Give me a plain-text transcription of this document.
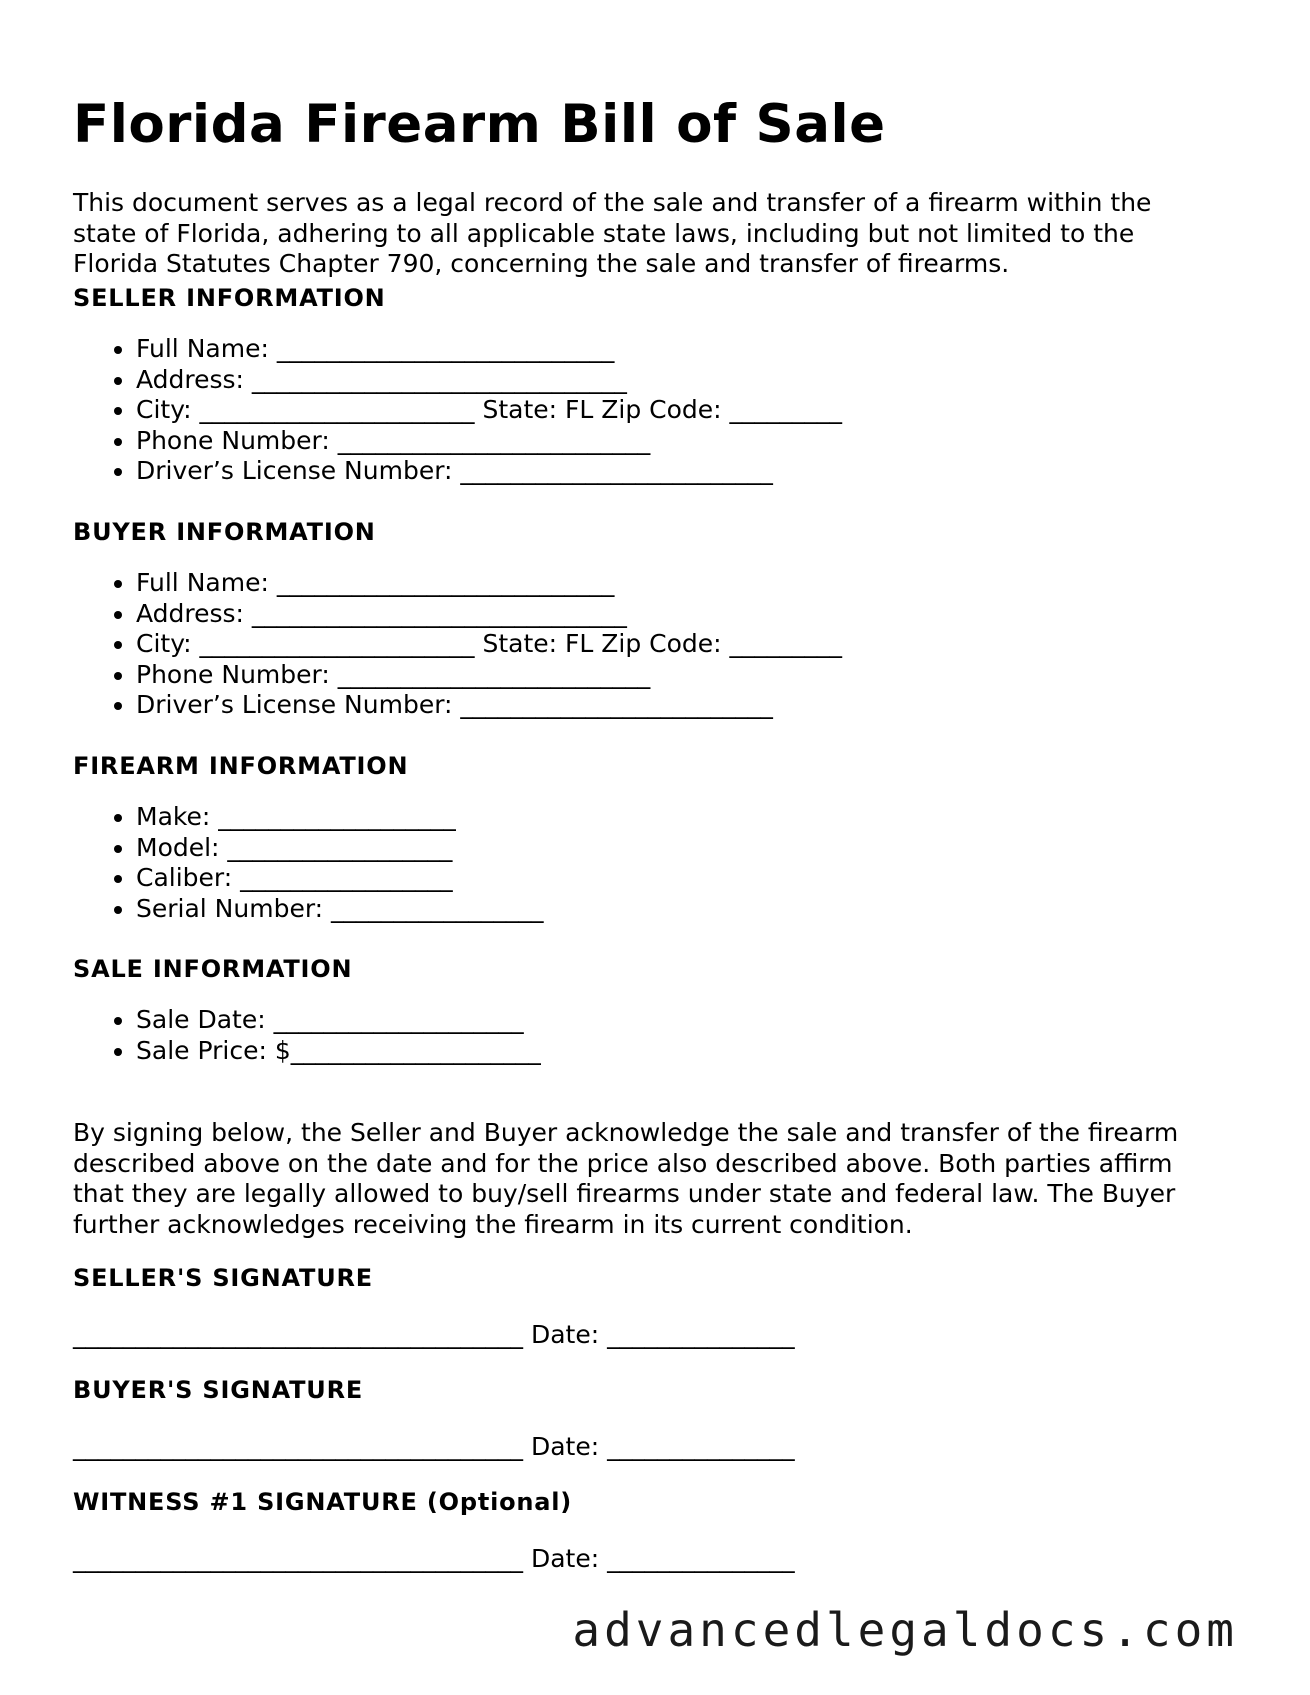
Florida Firearm Bill of Sale

This document serves as a legal record of the sale and transfer of a firearm within the state of Florida, adhering to all applicable state laws, including but not limited to the Florida Statutes Chapter 790, concerning the sale and transfer of firearms.

SELLER INFORMATION
• Full Name: ___________________________
• Address: ______________________________
• City: ______________________ State: FL Zip Code: _________
• Phone Number: _________________________
• Driver’s License Number: _________________________
BUYER INFORMATION
• Full Name: ___________________________
• Address: ______________________________
• City: ______________________ State: FL Zip Code: _________
• Phone Number: _________________________
• Driver’s License Number: _________________________
FIREARM INFORMATION
• Make: ___________________
• Model: __________________
• Caliber: _________________
• Serial Number: _________________
SALE INFORMATION
• Sale Date: ____________________
• Sale Price: $____________________

By signing below, the Seller and Buyer acknowledge the sale and transfer of the firearm described above on the date and for the price also described above. Both parties affirm that they are legally allowed to buy/sell firearms under state and federal law. The Buyer further acknowledges receiving the firearm in its current condition.

SELLER'S SIGNATURE

____________________________________ Date: _______________

BUYER'S SIGNATURE

____________________________________ Date: _______________

WITNESS #1 SIGNATURE (Optional)

____________________________________ Date: _______________

advancedlegaldocs.com
